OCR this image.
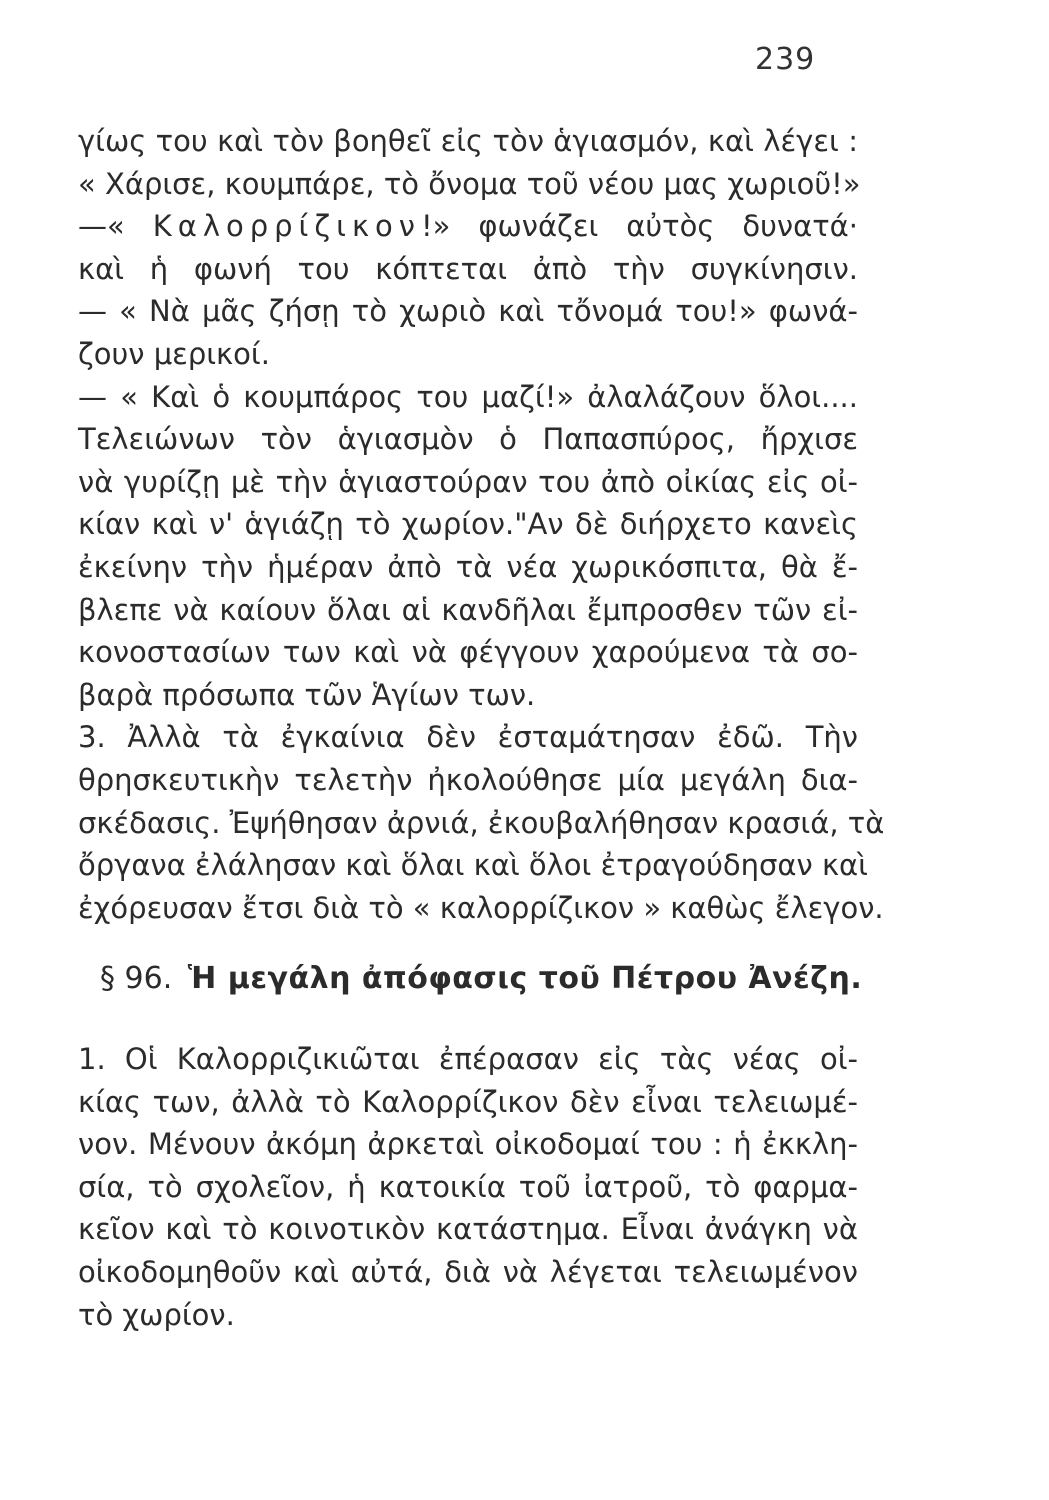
239
γίως του καὶ τὸν βοηθεῖ εἰς τὸν ἁγιασμόν, καὶ λέγει :
« Χάρισε, κουμπάρε, τὸ ὄνομα τοῦ νέου μας χωριοῦ!»
—« Καλορρίζικον!» φωνάζει αὐτὸς δυνατά·
καὶ ἡ φωνή του κόπτεται ἀπὸ τὴν συγκίνησιν.
— « Νὰ μᾶς ζήσῃ τὸ χωριὸ καὶ τὄνομά του!» φωνά-
ζουν μερικοί.
— « Καὶ ὁ κουμπάρος του μαζί!» ἀλαλάζουν ὅλοι....
Τελειώνων τὸν ἁγιασμὸν ὁ Παπασπύρος, ἤρχισε
νὰ γυρίζῃ μὲ τὴν ἁγιαστούραν του ἀπὸ οἰκίας εἰς οἰ-
κίαν καὶ ν' ἁγιάζῃ τὸ χωρίον."Αν δὲ διήρχετο κανεὶς
ἐκείνην τὴν ἡμέραν ἀπὸ τὰ νέα χωρικόσπιτα, θὰ ἔ-
βλεπε νὰ καίουν ὅλαι αἱ κανδῆλαι ἔμπροσθεν τῶν εἰ-
κονοστασίων των καὶ νὰ φέγγουν χαρούμενα τὰ σο-
βαρὰ πρόσωπα τῶν Ἁγίων των.
3. Ἀλλὰ τὰ ἐγκαίνια δὲν ἐσταμάτησαν ἐδῶ. Τὴν
θρησκευτικὴν τελετὴν ἠκολούθησε μία μεγάλη δια-
σκέδασις. Ἐψήθησαν ἀρνιά, ἐκουβαλήθησαν κρασιά, τὰ
ὄργανα ἐλάλησαν καὶ ὅλαι καὶ ὅλοι ἐτραγούδησαν καὶ
ἐχόρευσαν ἔτσι διὰ τὸ « καλορρίζικον » καθὼς ἔλεγον.
§ 96. Ἡ μεγάλη ἀπόφασις τοῦ Πέτρου Ἀνέζη.
1. Οἱ Καλορριζικιῶται ἐπέρασαν εἰς τὰς νέας οἰ-
κίας των, ἀλλὰ τὸ Καλορρίζικον δὲν εἶναι τελειωμέ-
νον. Μένουν ἀκόμη ἀρκεταὶ οἰκοδομαί του : ἡ ἐκκλη-
σία, τὸ σχολεῖον, ἡ κατοικία τοῦ ἰατροῦ, τὸ φαρμα-
κεῖον καὶ τὸ κοινοτικὸν κατάστημα. Εἶναι ἀνάγκη νὰ
οἰκοδομηθοῦν καὶ αὐτά, διὰ νὰ λέγεται τελειωμένον
τὸ χωρίον.
